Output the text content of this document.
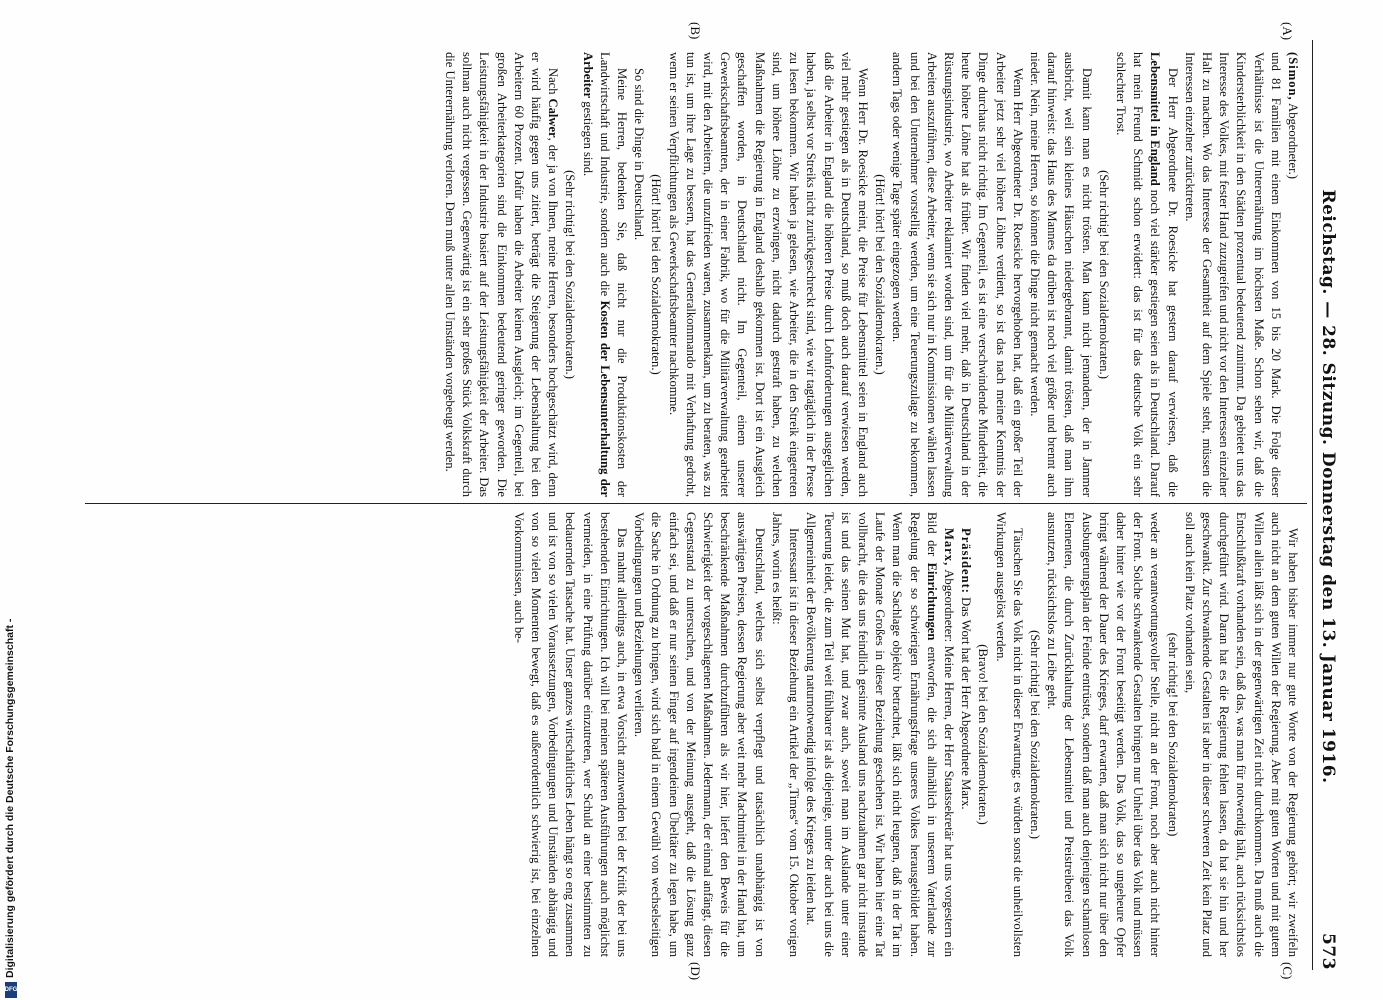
Reichstag. — 28. Sitzung. Donnerstag den 13. Januar 1916.
573

(Simon, Abgeordneter.)

und 81 Familien mit einem Einkommen von 15 bis 20 Mark. Die Folge dieser Verhältnisse ist die Unterernährung im höchsten Maße. Schon sehen wir, daß die Kindersterblichkeit in den Städten prozentual bedeutend zunimmt. Da gebietet uns das Interesse des Volkes, mit fester Hand zuzugreifen und nicht vor den Interessen einzelner Halt zu machen. Wo das Interesse der Gesamtheit auf dem Spiele steht, müssen die Interessen einzelner zurücktreten.

Der Herr Abgeordnete Dr. Roesicke hat gestern darauf verwiesen, daß die Lebensmittel in England noch viel stärker gestiegen seien als in Deutschland. Darauf hat mein Freund Schmidt schon erwidert: das ist für das deutsche Volk ein sehr schlechter Trost.

(Sehr richtig! bei den Sozialdemokraten.)

Damit kann man es nicht trösten. Man kann nicht jemandem, der in Jammer ausbricht, weil sein kleines Häuschen niedergebrannt, damit trösten, daß man ihm darauf hinweist: das Haus des Mannes da drüben ist noch viel größer und brennt auch nieder. Nein, meine Herren, so können die Dinge nicht gemacht werden.

Wenn Herr Abgeordneter Dr. Roesicke hervorgehoben hat, daß ein großer Teil der Arbeiter jetzt sehr viel höhere Löhne verdient, so ist das nach meiner Kenntnis der Dinge durchaus nicht richtig. Im Gegenteil, es ist eine verschwindende Minderheit, die heute höhere Löhne hat als früher. Wir finden viel mehr, daß in Deutschland in der Rüstungsindustrie, wo Arbeiter reklamiert worden sind, um für die Militärverwaltung Arbeiten auszuführen, diese Arbeiter, wenn sie sich nur in Kommissionen wählen lassen und bei den Unternehmer vorstellig werden, um eine Teuerungszulage zu bekommen, andern Tags oder wenige Tage später eingezogen werden.

(Hört! hört! bei den Sozialdemokraten.)

Wenn Herr Dr. Roesicke meint, die Preise für Lebensmittel seien in England auch viel mehr gestiegen als in Deutschland, so muß doch auch darauf verwiesen werden, daß die Arbeiter in England die höheren Preise durch Lohnforderungen ausgeglichen haben, ja selbst vor Streiks nicht zurückgeschreckt sind, wie wir tagtäglich in der Presse zu lesen bekommen. Wir haben ja gelesen, wie Arbeiter, die in den Streik eingetreten sind, um höhere Löhne zu erzwingen, nicht dadurch gestraft haben, zu welchen Maßnahmen die Regierung in England deshalb gekommen ist. Dort ist ein Ausgleich geschaffen worden, in Deutschland nicht. Im Gegenteil, einem unserer Gewerkschaftsbeamten, der in einer Fabrik, wo für die Militärverwaltung gearbeitet wird, mit den Arbeitern, die unzufrieden waren, zusammenkam, um zu beraten, was zu tun ist, um ihre Lage zu bessern, hat das Generalkommando mit Verhaftung gedroht, wenn er seinen Verpflichtungen als Gewerkschaftsbeamter nachkomme.

(Hört! hört! bei den Sozialdemokraten.)

So sind die Dinge in Deutschland.

Meine Herren, bedenken Sie, daß nicht nur die Produktionskosten der Landwirtschaft und Industrie, sondern auch die Kosten der Lebensunterhaltung der Arbeiter gestiegen sind.

(Sehr richtig! bei den Sozialdemokraten.)

Nach Calwer, der ja von Ihnen, meine Herren, besonders hochgeschätzt wird, denn er wird häufig gegen uns zitiert, beträgt die Steigerung der Lebenshaltung bei den Arbeitern 60 Prozent. Dafür haben die Arbeiter keinen Ausgleich; im Gegenteil, bei großen Arbeiterkategorien sind die Einkommen bedeutend geringer geworden. Die Leistungsfähigkeit in der Industrie basiert auf der Leistungsfähigkeit der Arbeiter. Das sollman auch nicht vergessen. Gegenwärtig ist ein sehr großes Stück Volkskraft durch die Unterernährung verloren. Dem muß unter allen Umständen vorgebeugt werden.

Wir haben bisher immer nur gute Worte von der Regierung gehört; wir zweifeln auch nicht an dem guten Willen der Regierung. Aber mit guten Worten und mit gutem Willen allein läßt sich in der gegenwärtigen Zeit nicht durchkommen. Da muß auch die Entschlußkraft vorhanden sein, daß das, was man für notwendig hält, auch rücksichtslos durchgeführt wird. Daran hat es die Regierung fehlen lassen, da hat sie hin und her geschwankt. Zur schwankende Gestalten ist aber in dieser schweren Zeit kein Platz und soll auch kein Platz vorhanden sein,

(sehr richtig! bei den Sozialdemokraten)

weder an verantwortungsvoller Stelle, nicht an der Front, noch aber auch nicht hinter der Front. Solche schwankende Gestalten bringen nur Unheil über das Volk und müssen daher hinter wie vor der Front beseitigt werden. Das Volk, das so ungeheure Opfer bringt während der Dauer des Krieges, darf erwarten, daß man sich nicht nur über den Ausbungerungsplan der Feinde entrüstet, sondern daß man auch denjenigen schamlosen Elementen, die durch Zurückhaltung der Lebensmittel und Preistreiberei das Volk ausnutzen, rücksichtslos zu Leibe geht.

(Sehr richtig! bei den Sozialdemokraten.)

Täuschen Sie das Volk nicht in dieser Erwartung; es würden sonst die unheilvollsten Wirkungen ausgelöst werden.

(Bravo! bei den Sozialdemokraten.)

Präsident: Das Wort hat der Herr Abgeordnete Marx.

Marx, Abgeordneter: Meine Herren, der Herr Staatssekretär hat uns vorgestern ein Bild der Einrichtungen entworfen, die sich allmählich in unserem Vaterlande zur Regelung der so schwierigen Ernährungsfrage unseres Volkes herausgebildet haben. Wenn man die Sachlage objektiv betrachtet, läßt sich nicht leugnen, daß in der Tat im Laufe der Monate Großes in dieser Beziehung geschehen ist. Wir haben hier eine Tat vollbracht, die das uns feindlich gesinnte Ausland uns nachzuahmen gar nicht imstande ist und das seinen Mut hat, und zwar auch, soweit man im Auslande unter einer Teuerung leidet, die zum Teil weit fühlbarer ist als diejenige, unter der auch bei uns die Allgemeinheit der Bevölkerung naturnotwendig infolge des Krieges zu leiden hat.

Interessant ist in dieser Beziehung ein Artikel der „Times“ vom 15. Oktober vorigen Jahres, worin es heißt:

Deutschland, welches sich selbst verpflegt und tatsächlich unabhängig ist von auswärtigen Preisen, dessen Regierung aber weit mehr Machtmittel in der Hand hat, um beschränkende Maßnahmen durchzuführen als wir hier, liefert den Beweis für die Schwierigkeit der vorgeschlagenen Maßnahmen. Jedermann, der einmal anfängt, diesen Gegenstand zu untersuchen, und von der Meinung ausgeht, daß die Lösung ganz einfach sei, und daß er nur seinen Finger auf irgendeinen Übeltäter zu legen habe, um die Sache in Ordnung zu bringen, wird sich bald in einem Gewühl von wechselseitigen Vorbedingungen und Beziehungen verlieren.

Das mahnt allerdings auch, in etwa Vorsicht anzuwenden bei der Kritik der bei uns bestehenden Einrichtungen. Ich will bei meinen späteren Ausführungen auch möglichst vermeiden, in eine Prüfung darüber einzutreten, wer Schuld an einer bestimmten zu bedauernden Tatsache hat. Unser ganzes wirtschaftliches Leben hängt so eng zusammen und ist von so vielen Voraussetzungen, Vorbedingungen und Umständen abhängig und von so vielen Momenten bewegt, daß es außerordentlich schwierig ist, bei einzelnen Vorkommnissen, auch be-

(A)
(B)
(C)
(D)
Digitalisierung gefördert durch die Deutsche Forschungsgemeinschaft -
DFG
